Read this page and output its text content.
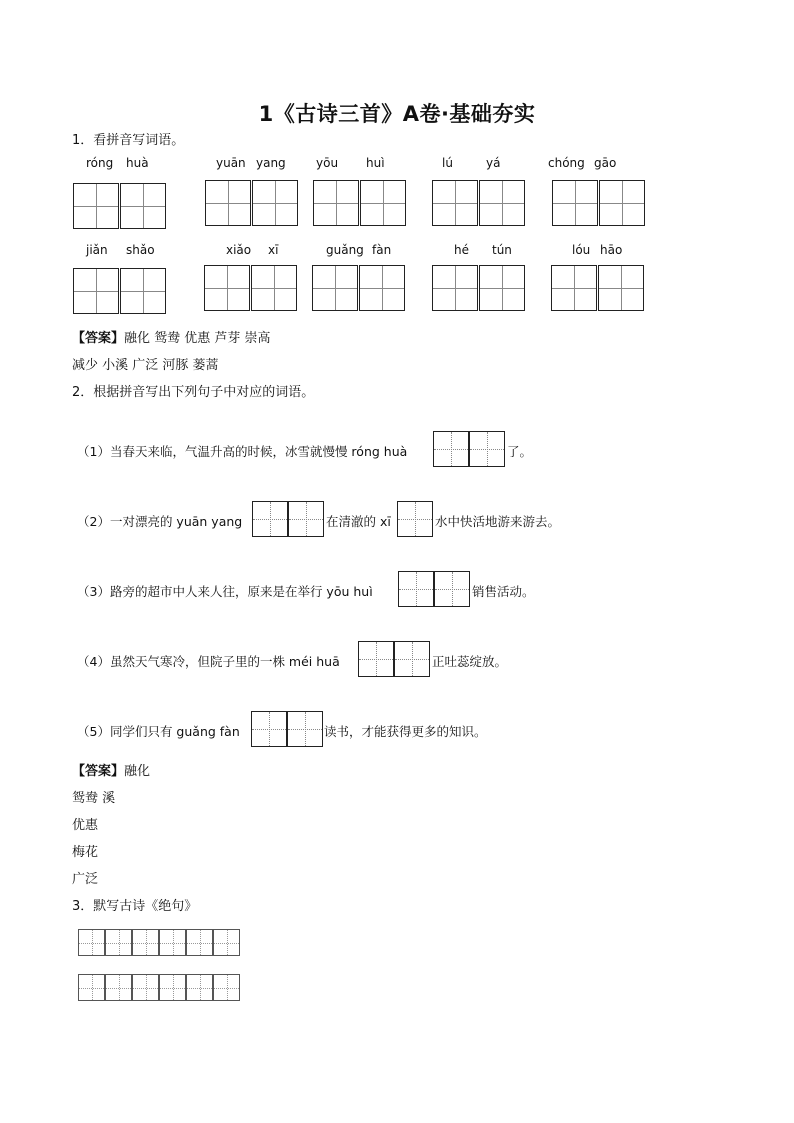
1《古诗三首》A卷·基础夯实
1．看拼音写词语。
róng huà	yuān yang	yōu huì	lú	yá	chóng gāo
jiǎn shǎo	xiǎo xī	guǎng fàn	hé tún	lóu hāo
【答案】融化 鸳鸯 优惠 芦芽 崇高
减少 小溪 广泛 河豚 蒌蒿
2．根据拼音写出下列句子中对应的词语。
（1）当春天来临，气温升高的时候，冰雪就慢慢 róng huà	了。
（2）一对漂亮的 yuān yang	在清澈的 xī	水中快活地游来游去。
（3）路旁的超市中人来人往，原来是在举行 yōu huì	销售活动。
（4）虽然天气寒冷，但院子里的一株 méi huā	正吐蕊绽放。
（5）同学们只有 guǎng fàn	读书，才能获得更多的知识。
【答案】融化
鸳鸯 溪
优惠
梅花
广泛
3．默写古诗《绝句》
